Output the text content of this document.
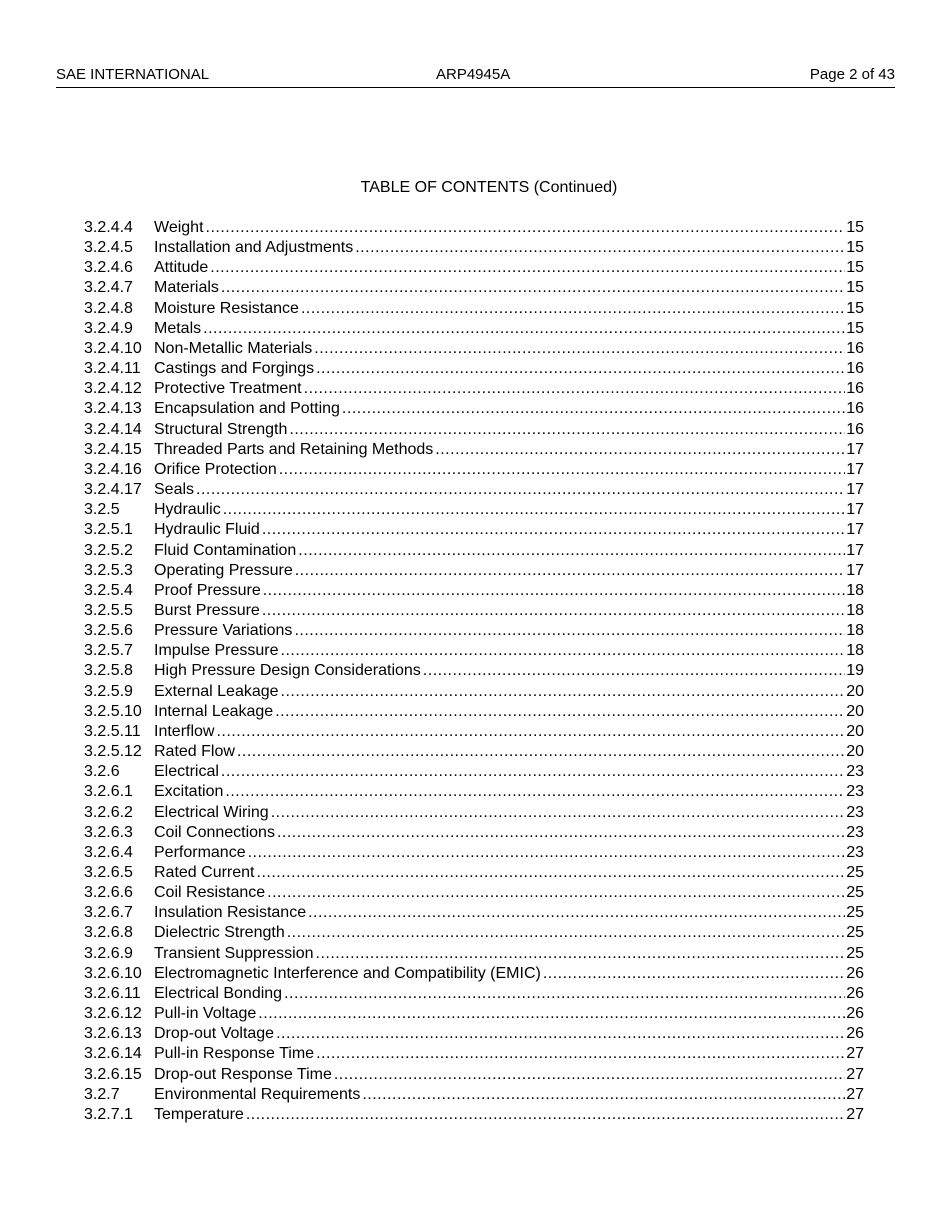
SAE INTERNATIONAL	ARP4945A	Page 2 of 43
TABLE OF CONTENTS (Continued)
3.2.4.4	Weight .....	15
3.2.4.5	Installation and Adjustments .....	15
3.2.4.6	Attitude .....	15
3.2.4.7	Materials .....	15
3.2.4.8	Moisture Resistance .....	15
3.2.4.9	Metals .....	15
3.2.4.10 Non-Metallic Materials .....	16
3.2.4.11 Castings and Forgings .....	16
3.2.4.12 Protective Treatment .....	16
3.2.4.13 Encapsulation and Potting .....	16
3.2.4.14 Structural Strength .....	16
3.2.4.15 Threaded Parts and Retaining Methods .....	17
3.2.4.16 Orifice Protection .....	17
3.2.4.17 Seals .....	17
3.2.5	Hydraulic .....	17
3.2.5.1	Hydraulic Fluid .....	17
3.2.5.2	Fluid Contamination .....	17
3.2.5.3	Operating Pressure .....	17
3.2.5.4	Proof Pressure .....	18
3.2.5.5	Burst Pressure .....	18
3.2.5.6	Pressure Variations .....	18
3.2.5.7	Impulse Pressure .....	18
3.2.5.8	High Pressure Design Considerations .....	19
3.2.5.9	External Leakage .....	20
3.2.5.10 Internal Leakage .....	20
3.2.5.11 Interflow .....	20
3.2.5.12 Rated Flow .....	20
3.2.6	Electrical .....	23
3.2.6.1	Excitation .....	23
3.2.6.2	Electrical Wiring .....	23
3.2.6.3	Coil Connections .....	23
3.2.6.4	Performance .....	23
3.2.6.5	Rated Current .....	25
3.2.6.6	Coil Resistance .....	25
3.2.6.7	Insulation Resistance .....	25
3.2.6.8	Dielectric Strength .....	25
3.2.6.9	Transient Suppression .....	25
3.2.6.10 Electromagnetic Interference and Compatibility (EMIC) .....	26
3.2.6.11 Electrical Bonding .....	26
3.2.6.12 Pull-in Voltage .....	26
3.2.6.13 Drop-out Voltage .....	26
3.2.6.14 Pull-in Response Time .....	27
3.2.6.15 Drop-out Response Time .....	27
3.2.7	Environmental Requirements .....	27
3.2.7.1	Temperature .....	27
